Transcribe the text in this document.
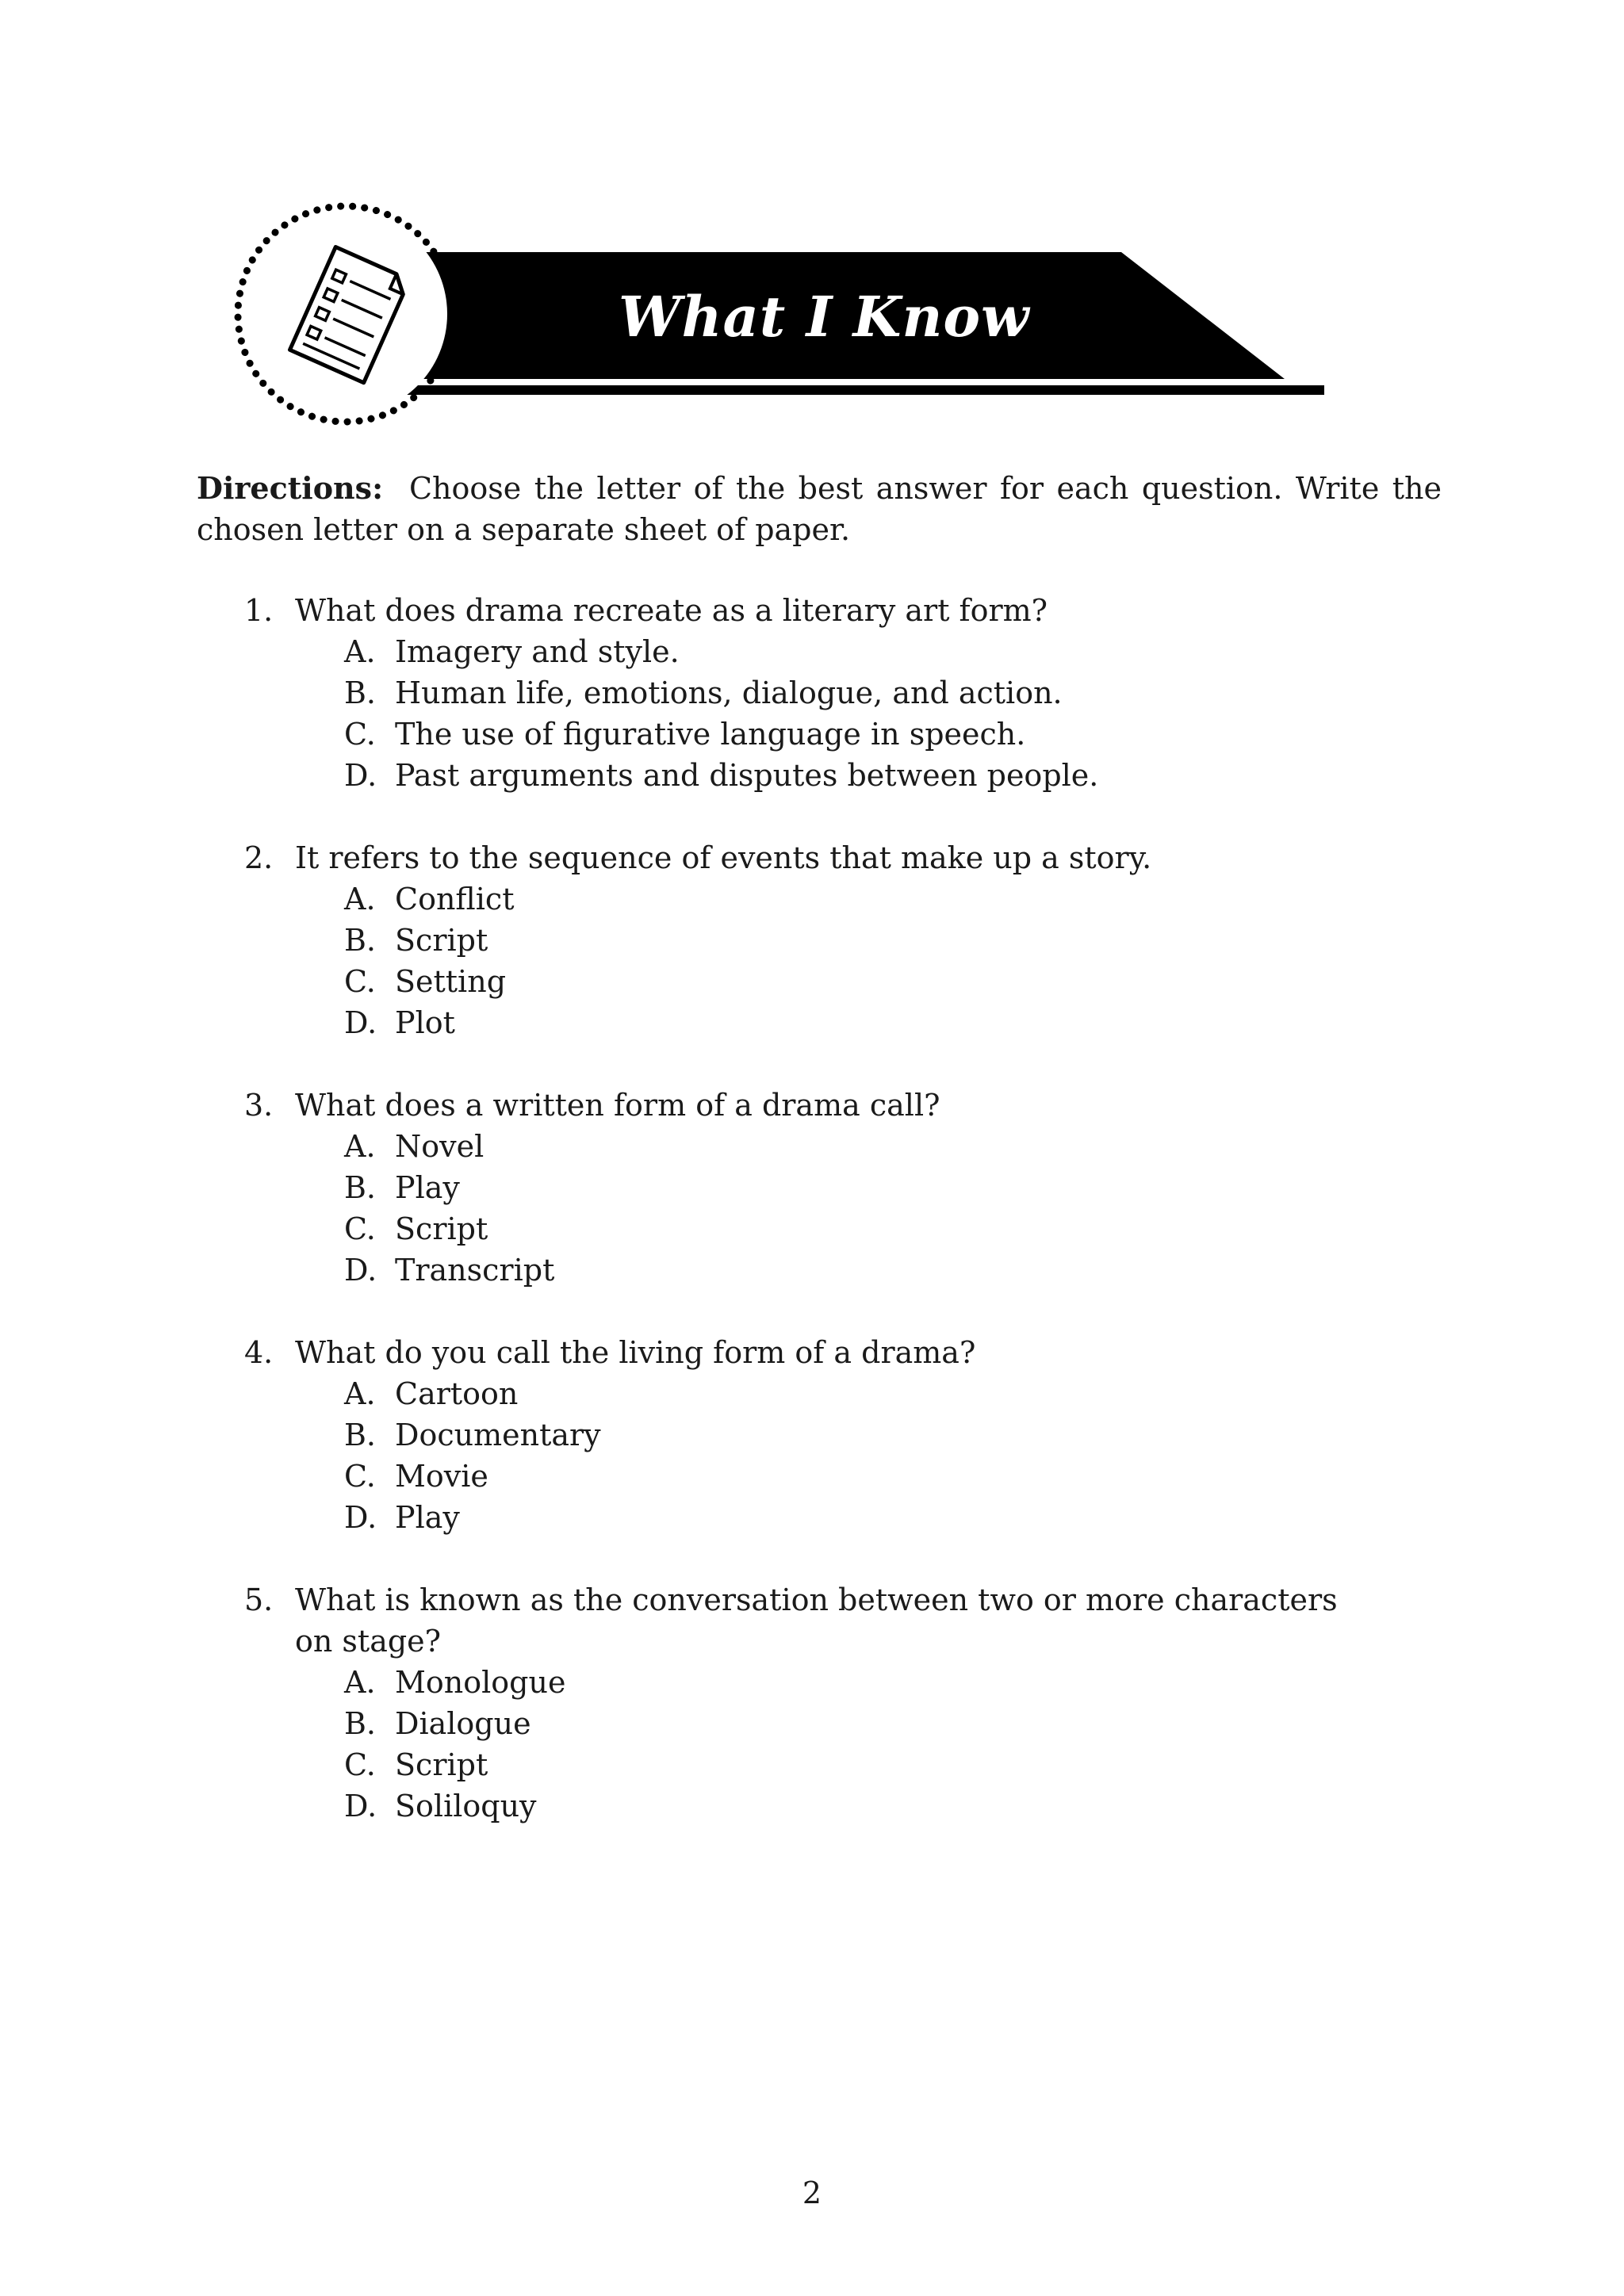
What I Know
Directions: Choose the letter of the best answer for each question. Write the chosen letter on a separate sheet of paper.
1. What does drama recreate as a literary art form?
A. Imagery and style.
B. Human life, emotions, dialogue, and action.
C. The use of figurative language in speech.
D. Past arguments and disputes between people.
2. It refers to the sequence of events that make up a story.
A. Conflict
B. Script
C. Setting
D. Plot
3. What does a written form of a drama call?
A. Novel
B. Play
C. Script
D. Transcript
4. What do you call the living form of a drama?
A. Cartoon
B. Documentary
C. Movie
D. Play
5. What is known as the conversation between two or more characters on stage?
A. Monologue
B. Dialogue
C. Script
D. Soliloquy
2
